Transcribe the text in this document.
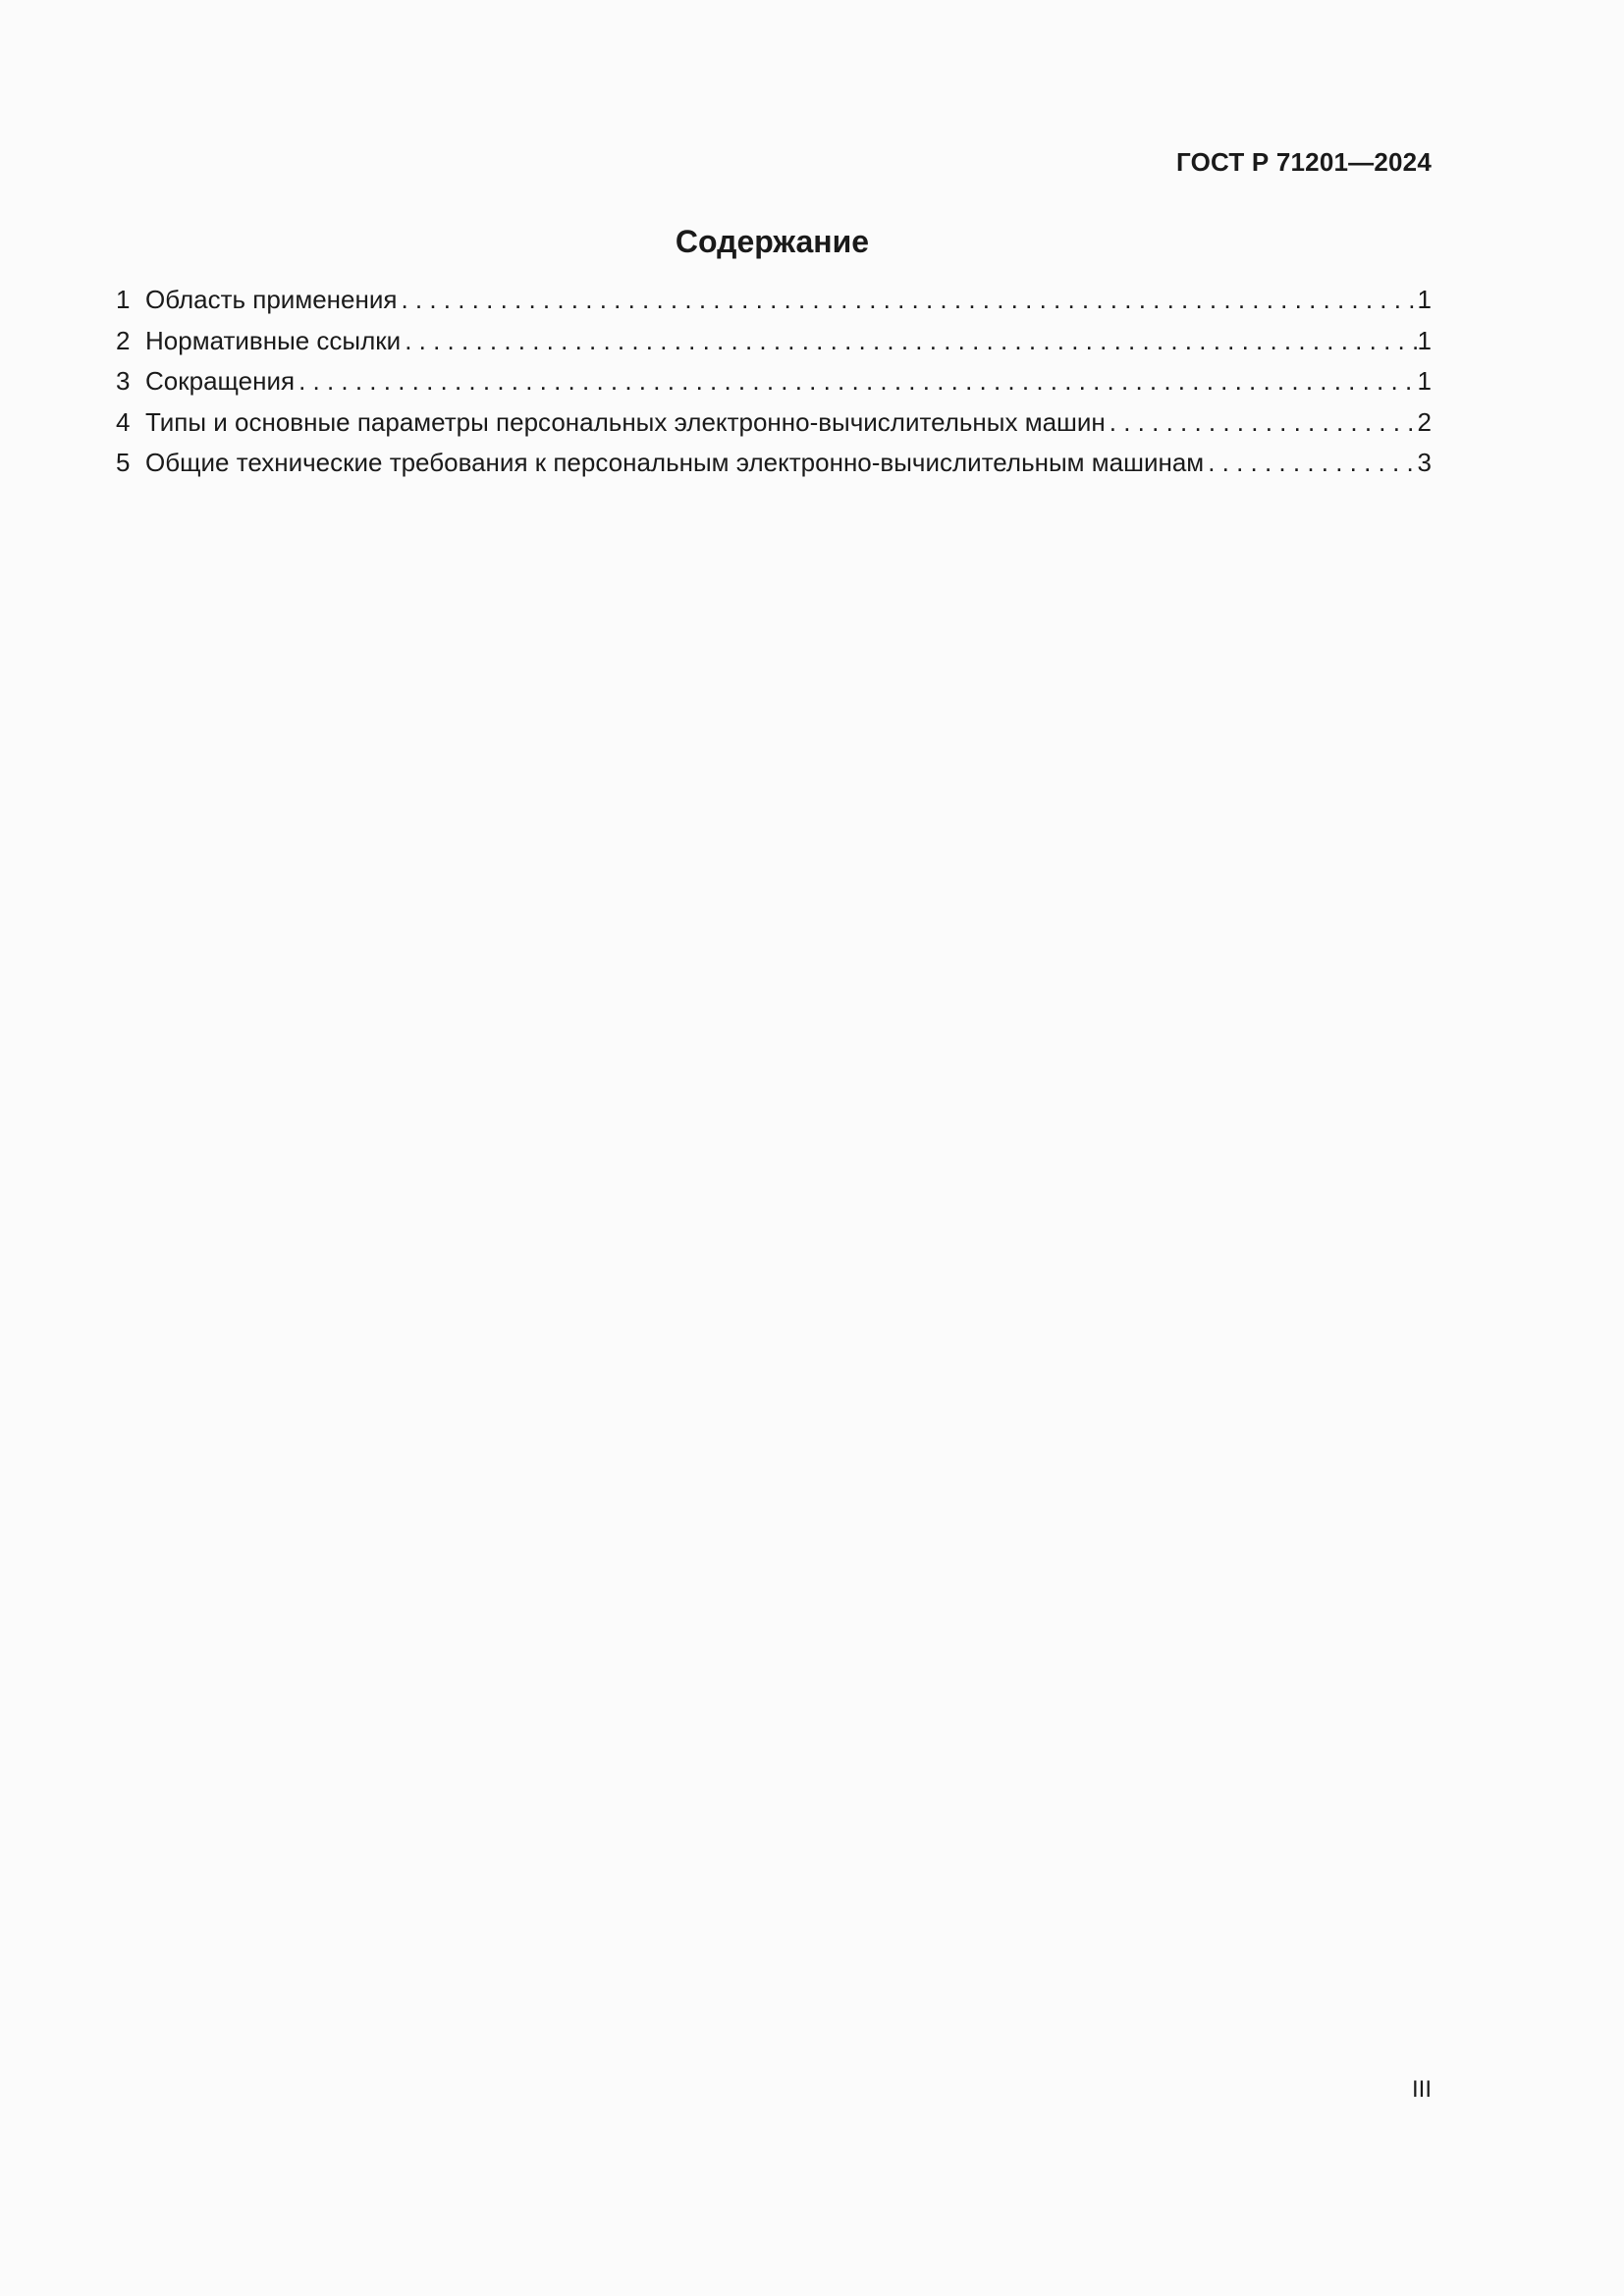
ГОСТ Р 71201—2024
Содержание
1 Область применения . . .	1
2 Нормативные ссылки . . .	1
3 Сокращения . . .	1
4 Типы и основные параметры персональных электронно-вычислительных машин . . .	2
5 Общие технические требования к персональным электронно-вычислительным машинам . . .	3
III
